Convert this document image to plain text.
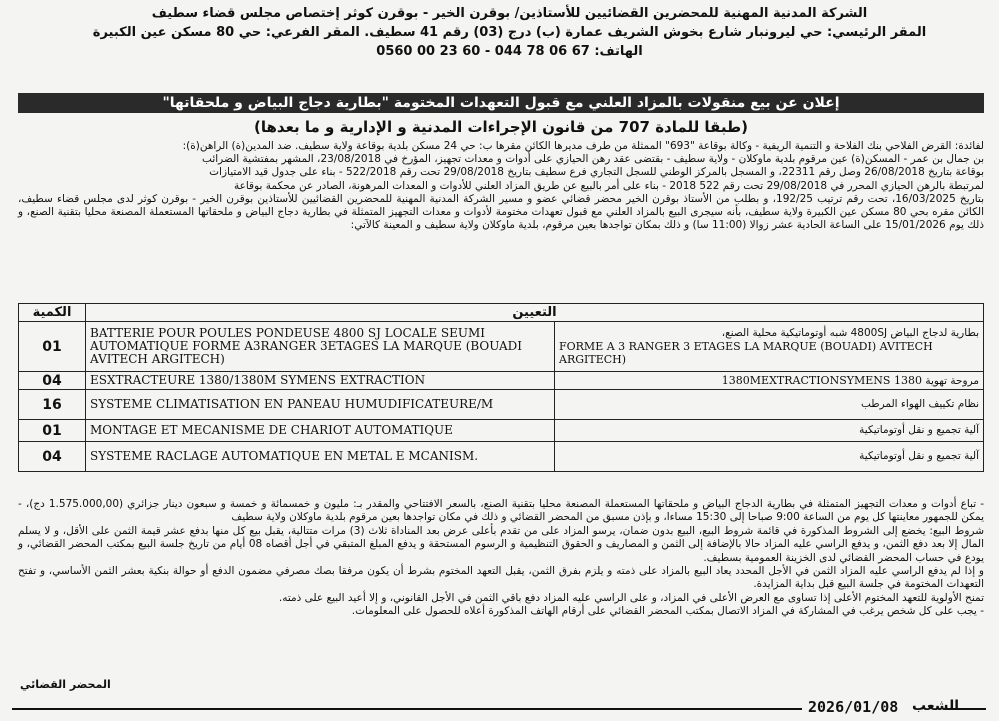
الشركة المدنية المهنية للمحضرين القضائيين للأستاذين/ بوقرن الخير - بوقرن كوثر إختصاص مجلس قضاء سطيف
المقر الرئيسي: حي ليرونبار شارع بخوش الشريف عمارة (ب) درج (03) رقم 41 سطيف. المقر الفرعي: حي 80 مسكن عين الكبيرة
الهاتف: 67 06 78 044 - 60 23 00 0560
إعلان عن بيع منقولات بالمزاد العلني مع قبول التعهدات المختومة "بطارية دجاج البياض و ملحقاتها"
(طبقا للمادة 707 من قانون الإجراءات المدنية و الإدارية و ما بعدها)

لفائدة: القرض الفلاحي بنك الفلاحة و التنمية الريفية - وكالة بوقاعة "693" الممثلة من طرف مديرها الكائن مقرها ب: حي 24 مسكن بلدية بوقاعة ولاية سطيف. ضد المدين(ة) الراهن(ة):

بن جمال بن عمر - المسكن(ة) عين مرقوم بلدية ماوكلان - ولاية سطيف - بقتضى عقد رهن الحيازي على أدوات و معدات تجهيز، المؤرخ في 23/08/2018، المشهر بمفتشية الضرائب

بوقاعة بتاريخ 26/08/2018 وصل رقم 22311، و المسجل بالمركز الوطني للسجل التجاري فرع سطيف بتاريخ 29/08/2018 تحت رقم 522/2018 - بناء على جدول قيد الامتيازات

لمرتبطة بالرهن الحيازي المحرر في 29/08/2018 تحت رقم 522 2018 - بناء على أمر بالبيع عن طريق المزاد العلني للأدوات و المعدات المرهونة، الصادر عن محكمة بوقاعة

بتاريخ 16/03/2025، تحت رقم ترتيب 192/25، و بطلب من الأستاذ بوقرن الخير محضر قضائي عضو و مسير الشركة المدنية المهنية للمحضرين القضائيين للأستاذين بوقرن الخير - بوقرن كوثر لدى مجلس قضاء سطيف، الكائن مقره بحي 80 مسكن عين الكبيرة ولاية سطيف، بأنه سيجرى البيع بالمزاد العلني مع قبول تعهدات مختومة لأدوات و معدات التجهيز المتمثلة في بطارية دجاج البياض و ملحقاتها المستعملة المصنعة محليا بتقنية الصنع، و ذلك يوم 15/01/2026 على الساعة الحادية عشر زوالا (11:00 سا) و ذلك بمكان تواجدها بعين مرقوم، بلدية ماوكلان ولاية سطيف و المعينة كالآتي:

التعيين		الكمية

بطارية لدجاج البياض 4800SJ شبه أوتوماتيكية محلية الصنع،
FORME A 3 RANGER 3 ETAGES LA MARQUE (BOUADI) AVITECH ARGITECH)	BATTERIE POUR POULES PONDEUSE 4800 SJ LOCALE SEUMI AUTOMATIQUE FORME A3RANGER 3ETAGES LA MARQUE (BOUADI AVITECH ARGITECH)	01
مروحة تهوية 1380 1380MEXTRACTIONSYMENS	ESXTRACTEURE 1380/1380M SYMENS EXTRACTION	04
نظام تكييف الهواء المرطب	SYSTEME CLIMATISATION EN PANEAU HUMUDIFICATEURE/M	16
آلية تجميع و نقل أوتوماتيكية	MONTAGE ET MECANISME DE CHARIOT AUTOMATIQUE	01
آلية تجميع و نقل أوتوماتيكية	SYSTEME RACLAGE AUTOMATIQUE EN METAL E MCANISM.	04

- تباع أدوات و معدات التجهيز المتمثلة في بطارية الدجاج البياض و ملحقاتها المستعملة المصنعة محليا بتقنية الصنع، بالسعر الافتتاحي والمقدر بـ: مليون و خمسمائة و خمسة و سبعون دينار جزائري (1.575.000,00 دج)، - يمكن للجمهور معاينتها كل يوم من الساعة 9:00 صباحا إلى 15:30 مساءا، و بإذن مسبق من المحضر القضائي و ذلك في مكان تواجدها بعين مرقوم بلدية ماوكلان ولاية سطيف

شروط البيع: يخضع إلى الشروط المذكورة في قائمة شروط البيع، البيع بدون ضمان، يرسو المزاد على من تقدم بأعلى عرض بعد المناداة ثلاث (3) مرات متتالية، يقبل بيع كل منها بدفع عشر قيمة الثمن على الأقل، و لا يسلم المال إلا بعد دفع الثمن، و يدفع الراسي عليه المزاد حالا بالإضافة إلى الثمن و المصاريف و الحقوق التنظيمية و الرسوم المستحقة و يدفع المبلغ المتبقي في أجل أقصاه 08 أيام من تاريخ جلسة البيع بمكتب المحضر القضائي، و يودع في حساب المحضر القضائي لدى الخزينة العمومية بسطيف.

و إذا لم يدفع الراسي عليه المزاد الثمن في الأجل المحدد يعاد البيع بالمزاد على ذمته و يلزم بفرق الثمن، يقبل التعهد المختوم بشرط أن يكون مرفقا بصك مصرفي مضمون الدفع أو حوالة بنكية بعشر الثمن الأساسي، و تفتح التعهدات المختومة في جلسة البيع قبل بداية المزايدة.

تمنح الأولوية للتعهد المختوم الأعلى إذا تساوى مع العرض الأعلى في المزاد، و على الراسي عليه المزاد دفع باقي الثمن في الأجل القانوني، و إلا أعيد البيع على ذمته.

- يجب على كل شخص يرغب في المشاركة في المزاد الاتصال بمكتب المحضر القضائي على أرقام الهاتف المذكورة أعلاه للحصول على المعلومات.

المحضر القضائي
2026/01/08 الشعب
